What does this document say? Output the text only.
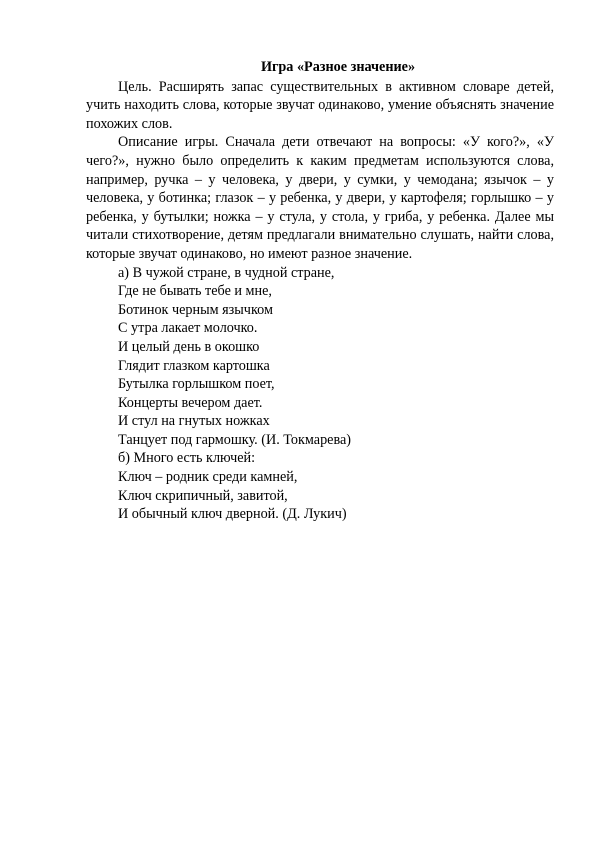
Игра «Разное значение»

Цель. Расширять запас существительных в активном словаре детей, учить находить слова, которые звучат одинаково, умение объяснять значение похожих слов.

Описание игры. Сначала дети отвечают на вопросы: «У кого?», «У чего?», нужно было определить к каким предметам используются слова, например, ручка – у человека, у двери, у сумки, у чемодана; язычок – у человека, у ботинка; глазок – у ребенка, у двери, у картофеля; горлышко – у ребенка, у бутылки; ножка – у стула, у стола, у гриба, у ребенка. Далее мы читали стихотворение, детям предлагали внимательно слушать, найти слова, которые звучат одинаково, но имеют разное значение.

а) В чужой стране, в чудной стране,
Где не бывать тебе и мне,
Ботинок черным язычком
С утра лакает молочко.
И целый день в окошко
Глядит глазком картошка
Бутылка горлышком поет,
Концерты вечером дает.
И стул на гнутых ножках
Танцует под гармошку. (И. Токмарева)
б) Много есть ключей:
Ключ – родник среди камней,
Ключ скрипичный, завитой,
И обычный ключ дверной. (Д. Лукич)
